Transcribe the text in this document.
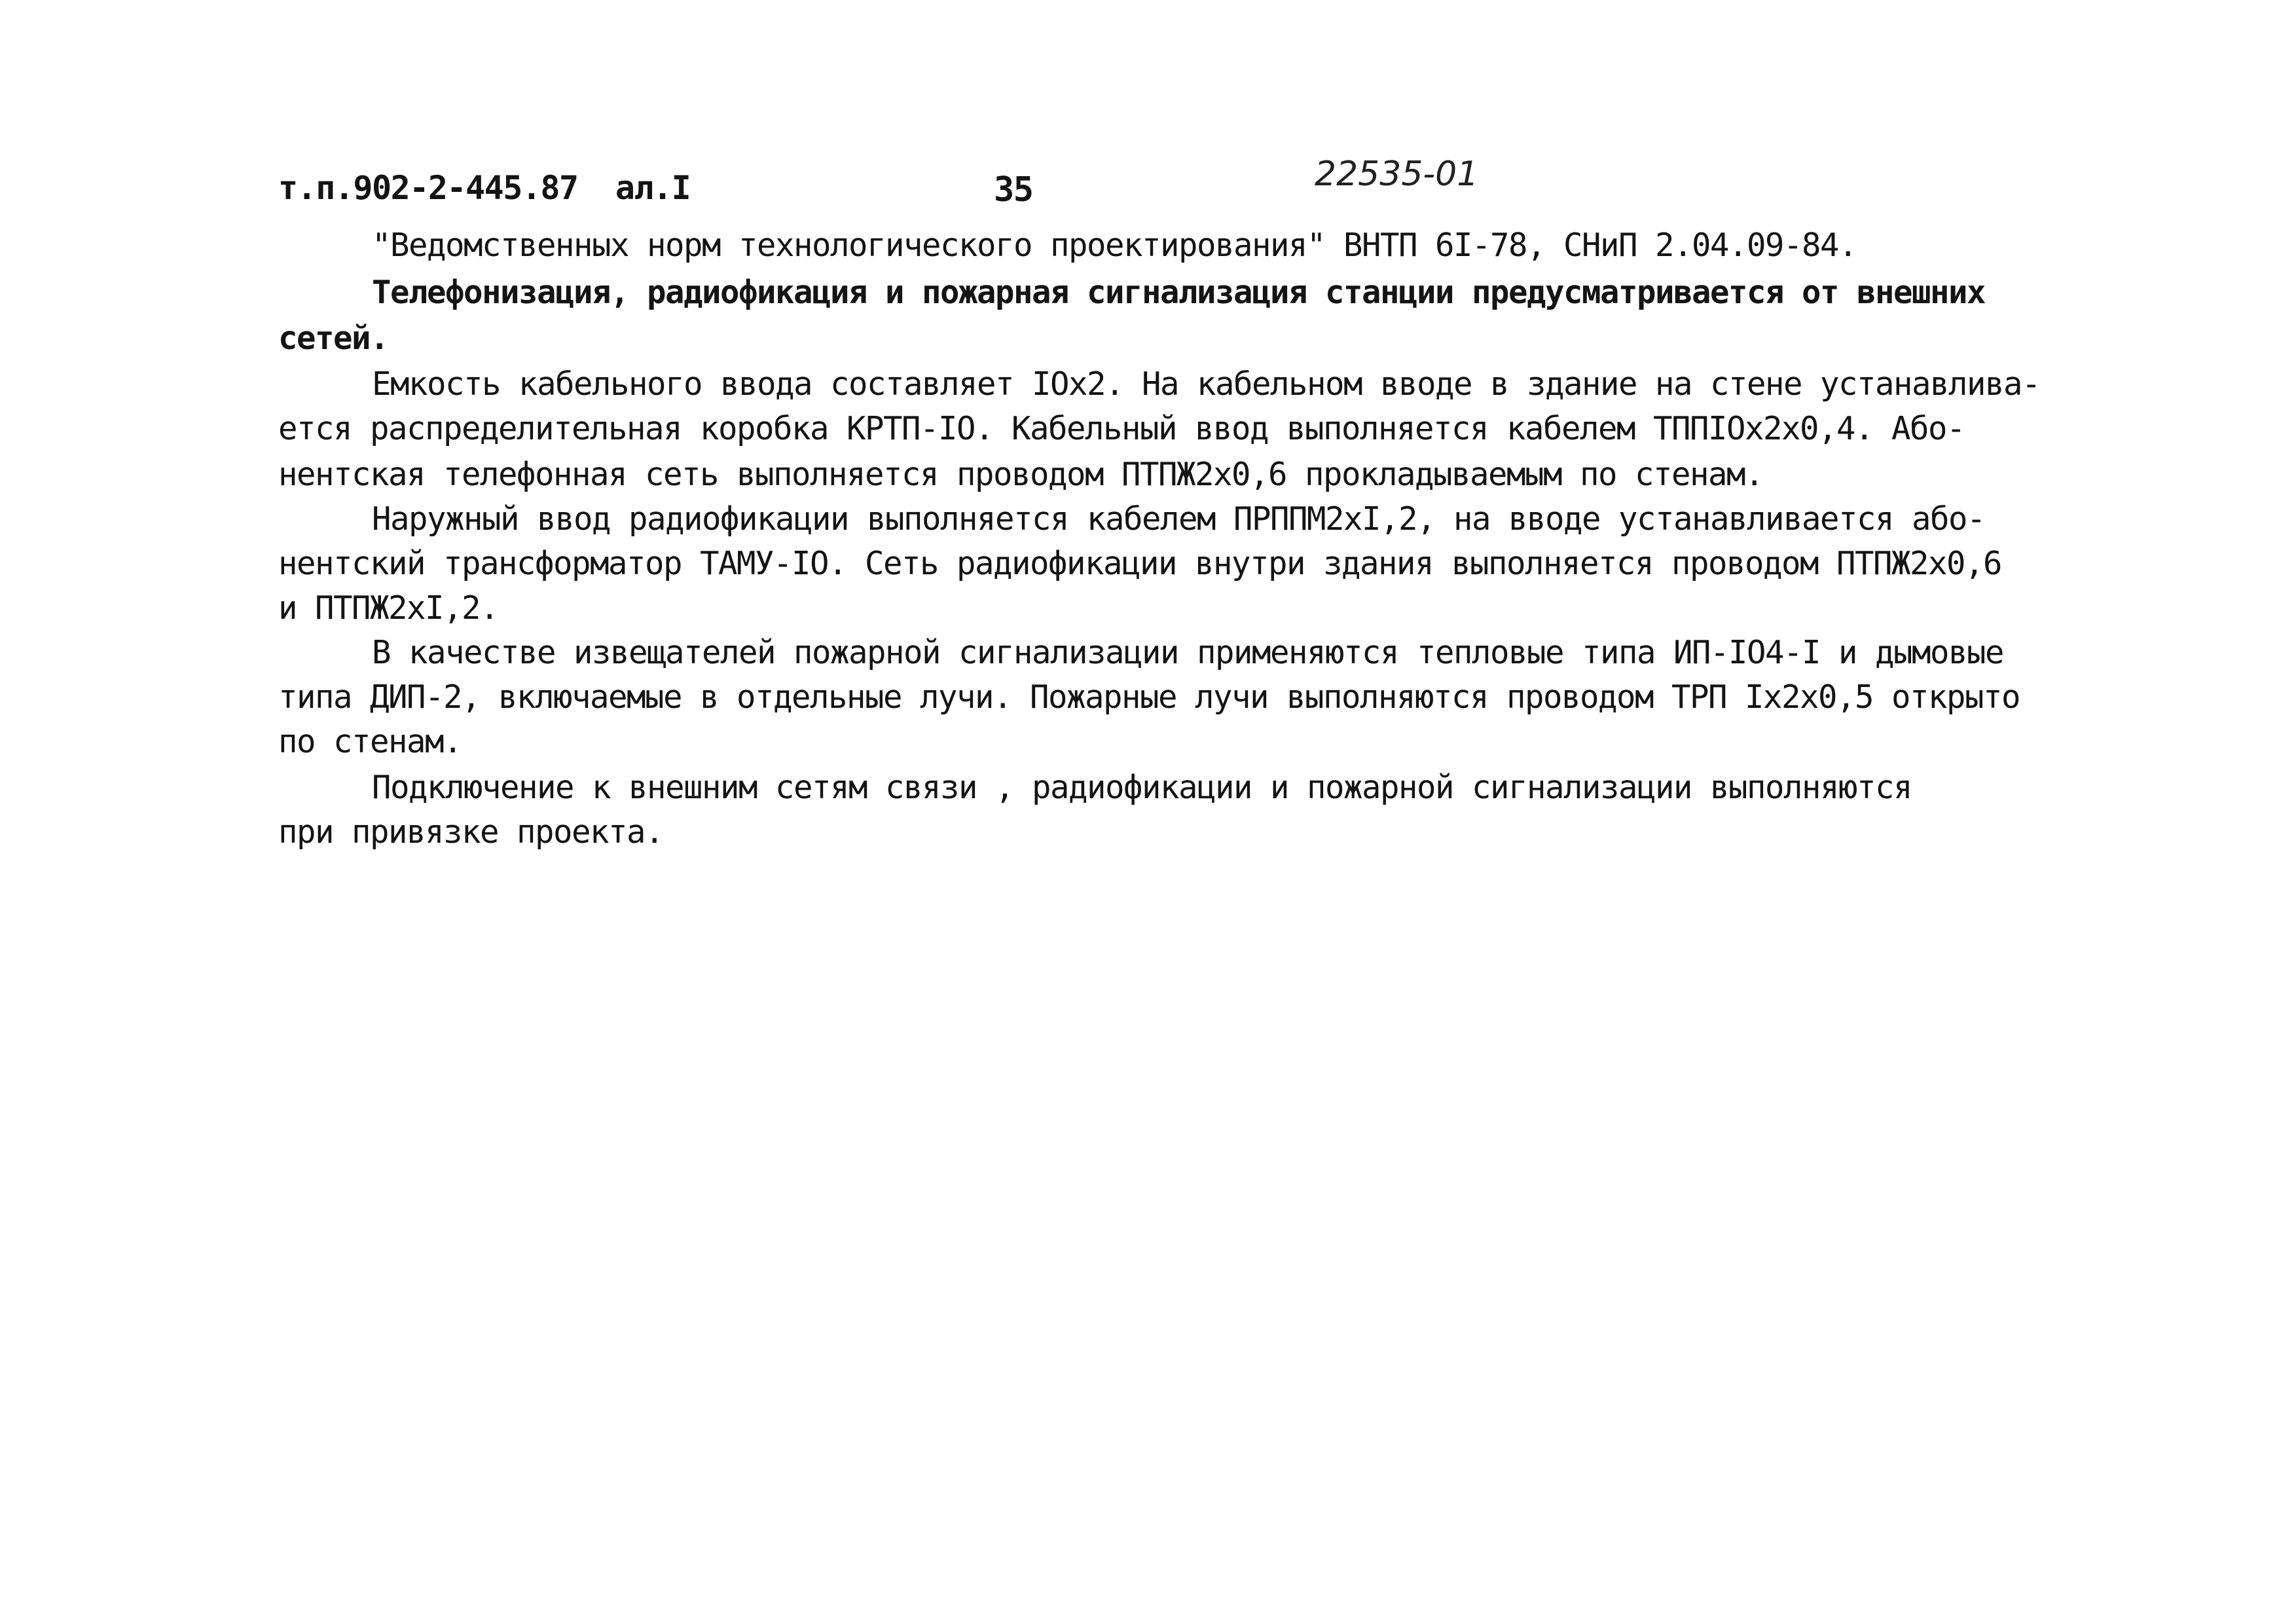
т.п.902-2-445.87  ал.I	35	22535-01
"Ведомственных норм технологического проектирования" ВНТП 6I-78, СНиП 2.04.09-84.
Телефонизация, радиофикация и пожарная сигнализация станции предусматривается от внешних
сетей.
Емкость кабельного ввода составляет IOx2. На кабельном вводе в здание на стене устанавлива-
ется распределительная коробка КРТП-IO. Кабельный ввод выполняется кабелем ТППIOx2x0,4. Або-
нентская телефонная сеть выполняется проводом ПТПЖ2x0,6 прокладываемым по стенам.
Наружный ввод радиофикации выполняется кабелем ПРППМ2xI,2, на вводе устанавливается або-
нентский трансформатор ТАМУ-IO. Сеть радиофикации внутри здания выполняется проводом ПТПЖ2x0,6
и ПТПЖ2xI,2.
В качестве извещателей пожарной сигнализации применяются тепловые типа ИП-IO4-I и дымовые
типа ДИП-2, включаемые в отдельные лучи. Пожарные лучи выполняются проводом ТРП Ix2x0,5 открыто
по стенам.
Подключение к внешним сетям связи , радиофикации и пожарной сигнализации выполняются
при привязке проекта.
